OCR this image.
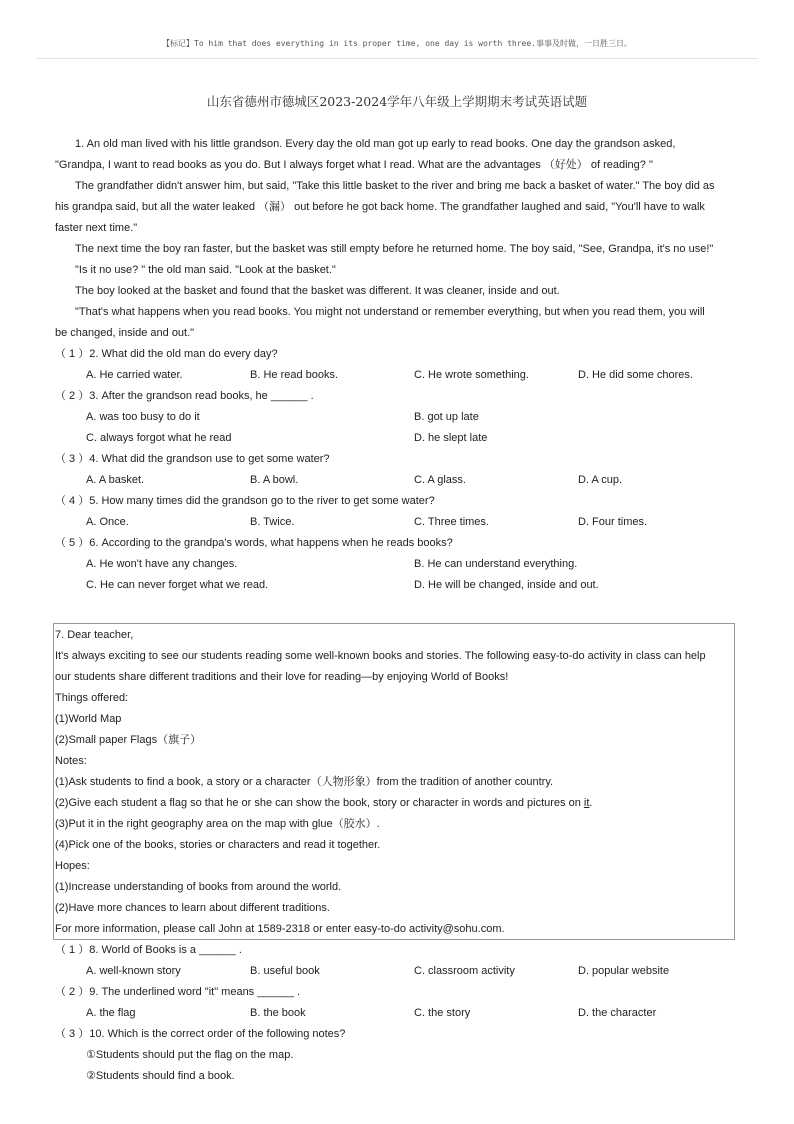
【标记】To him that does everything in its proper time, one day is worth three.事事及时做，一日胜三日。
山东省德州市德城区2023-2024学年八年级上学期期末考试英语试题
1. An old man lived with his little grandson. Every day the old man got up early to read books. One day the grandson asked,
"Grandpa, I want to read books as you do. But I always forget what I read. What are the advantages （好处） of reading? "
The grandfather didn't answer him, but said, "Take this little basket to the river and bring me back a basket of water." The boy did as
his grandpa said, but all the water leaked （漏） out before he got back home. The grandfather laughed and said, "You'll have to walk
faster next time."
The next time the boy ran faster, but the basket was still empty before he returned home. The boy said, "See, Grandpa, it's no use!"
"Is it no use? " the old man said. "Look at the basket."
The boy looked at the basket and found that the basket was different. It was cleaner, inside and out.
"That's what happens when you read books. You might not understand or remember everything, but when you read them, you will
be changed, inside and out."
（ 1 ）2. What did the old man do every day?
A. He carried water.	B. He read books.	C. He wrote something.	D. He did some chores.
（ 2 ）3. After the grandson read books, he ______ .
A. was too busy to do it	B. got up late
C. always forgot what he read	D. he slept late
（ 3 ）4. What did the grandson use to get some water?
A. A basket.	B. A bowl.	C. A glass.	D. A cup.
（ 4 ）5. How many times did the grandson go to the river to get some water?
A. Once.	B. Twice.	C. Three times.	D. Four times.
（ 5 ）6. According to the grandpa's words, what happens when he reads books?
A. He won't have any changes.	B. He can understand everything.
C. He can never forget what we read.	D. He will be changed, inside and out.
7. Dear teacher,
It's always exciting to see our students reading some well-known books and stories. The following easy-to-do activity in class can help
our students share different traditions and their love for reading—by enjoying World of Books!
Things offered:
(1)World Map
(2)Small paper Flags（旗子）
Notes:
(1)Ask students to find a book, a story or a character（人物形象）from the tradition of another country.
(2)Give each student a flag so that he or she can show the book, story or character in words and pictures on it.
(3)Put it in the right geography area on the map with glue（胶水）.
(4)Pick one of the books, stories or characters and read it together.
Hopes:
(1)Increase understanding of books from around the world.
(2)Have more chances to learn about different traditions.
For more information, please call John at 1589-2318 or enter easy-to-do activity@sohu.com.
（ 1 ）8. World of Books is a ______ .
A. well-known story	B. useful book	C. classroom activity	D. popular website
（ 2 ）9. The underlined word "it" means ______ .
A. the flag	B. the book	C. the story	D. the character
（ 3 ）10. Which is the correct order of the following notes?
①Students should put the flag on the map.
②Students should find a book.
